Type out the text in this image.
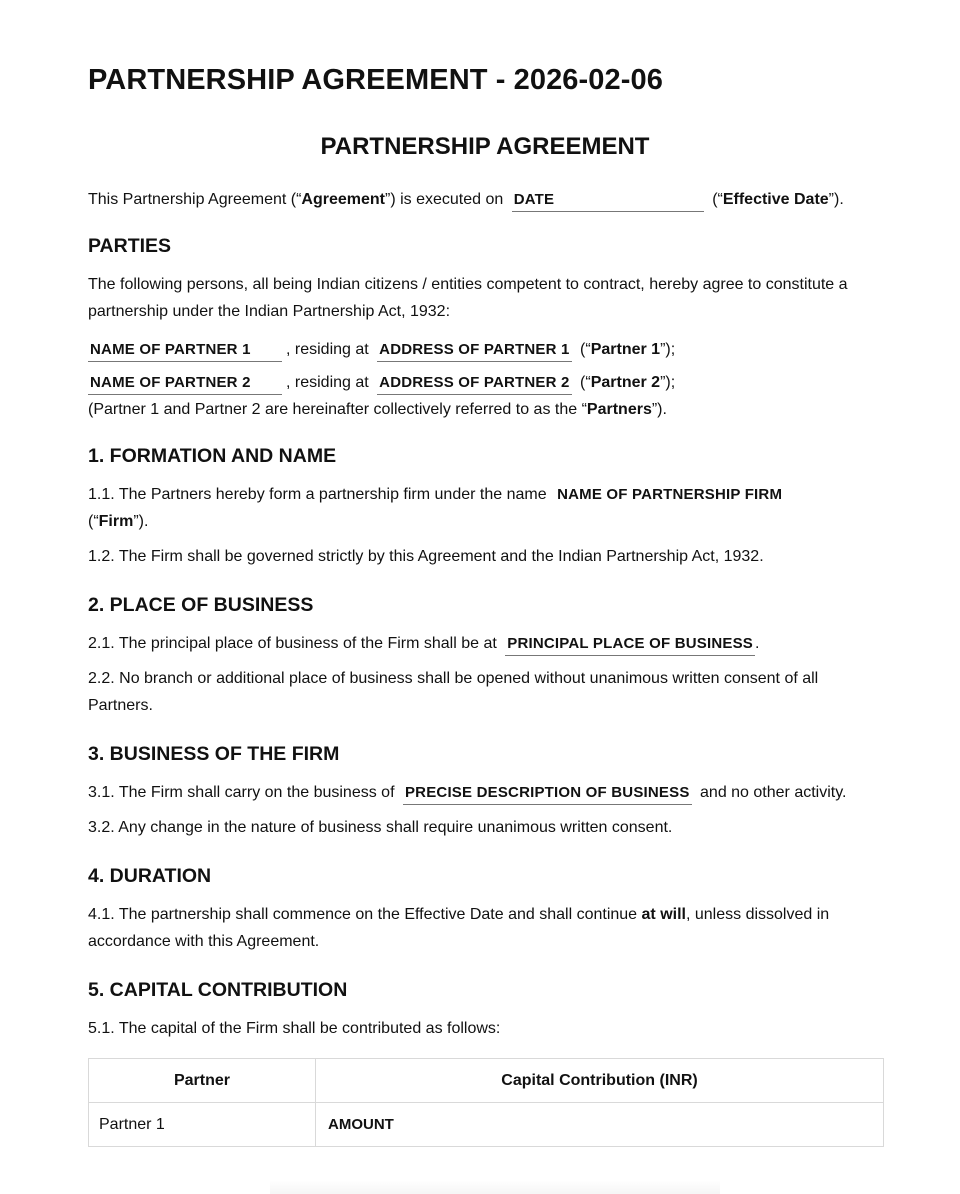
PARTNERSHIP AGREEMENT - 2026-02-06
PARTNERSHIP AGREEMENT

This Partnership Agreement (“Agreement”) is executed on DATE	(“Effective Date”).

PARTIES

The following persons, all being Indian citizens / entities competent to contract, hereby agree to constitute a partnership under the Indian Partnership Act, 1932:

NAME OF PARTNER 1 , residing at ADDRESS OF PARTNER 1 (“Partner 1”);

NAME OF PARTNER 2 , residing at ADDRESS OF PARTNER 2 (“Partner 2”);

(Partner 1 and Partner 2 are hereinafter collectively referred to as the “Partners”).

1. FORMATION AND NAME

1.1. The Partners hereby form a partnership firm under the name NAME OF PARTNERSHIP FIRM
(“Firm”).

1.2. The Firm shall be governed strictly by this Agreement and the Indian Partnership Act, 1932.

2. PLACE OF BUSINESS

2.1. The principal place of business of the Firm shall be at PRINCIPAL PLACE OF BUSINESS .

2.2. No branch or additional place of business shall be opened without unanimous written consent of all Partners.

3. BUSINESS OF THE FIRM

3.1. The Firm shall carry on the business of PRECISE DESCRIPTION OF BUSINESS and no other activity.

3.2. Any change in the nature of business shall require unanimous written consent.

4. DURATION

4.1. The partnership shall commence on the Effective Date and shall continue at will, unless dissolved in accordance with this Agreement.

5. CAPITAL CONTRIBUTION

5.1. The capital of the Firm shall be contributed as follows:

Partner	Capital Contribution (INR)
Partner 1	AMOUNT
